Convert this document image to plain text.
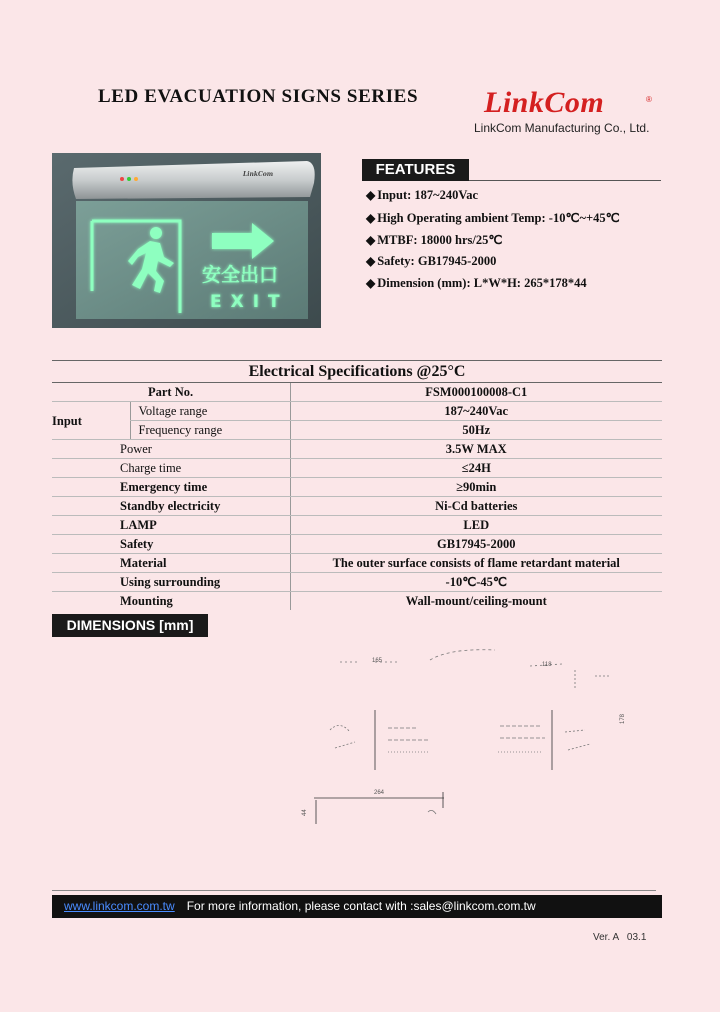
LED EVACUATION SIGNS SERIES LinkCom	®
LinkCom Manufacturing Co., Ltd.
安全出口
EXIT
LinkCom	FEATURES
◆ Input: 187~240Vac
◆ High Operating ambient Temp: -10℃~+45℃
◆ MTBF: 18000 hrs/25℃
◆ Safety: GB17945-2000
◆ Dimension (mm): L*W*H: 265*178*44
Electrical Specifications @25°C		
Part No.		FSM000100008-C1
Input	Voltage range	187~240Vac
	Frequency range	50Hz
Power		3.5W MAX
Charge time		≤24H
Emergency time		≥90min
Standby electricity		Ni-Cd batteries
LAMP		LED
Safety		GB17945-2000
Material		The outer surface consists of flame retardant material
Using surrounding		-10℃-45℃
Mounting		Wall-mount/ceiling-mount
DIMENSIONS [mm]
165
118
178
264
44
www.linkcom.com.tw For more information, please contact with :sales@linkcom.com.tw
Ver. A   03.1
